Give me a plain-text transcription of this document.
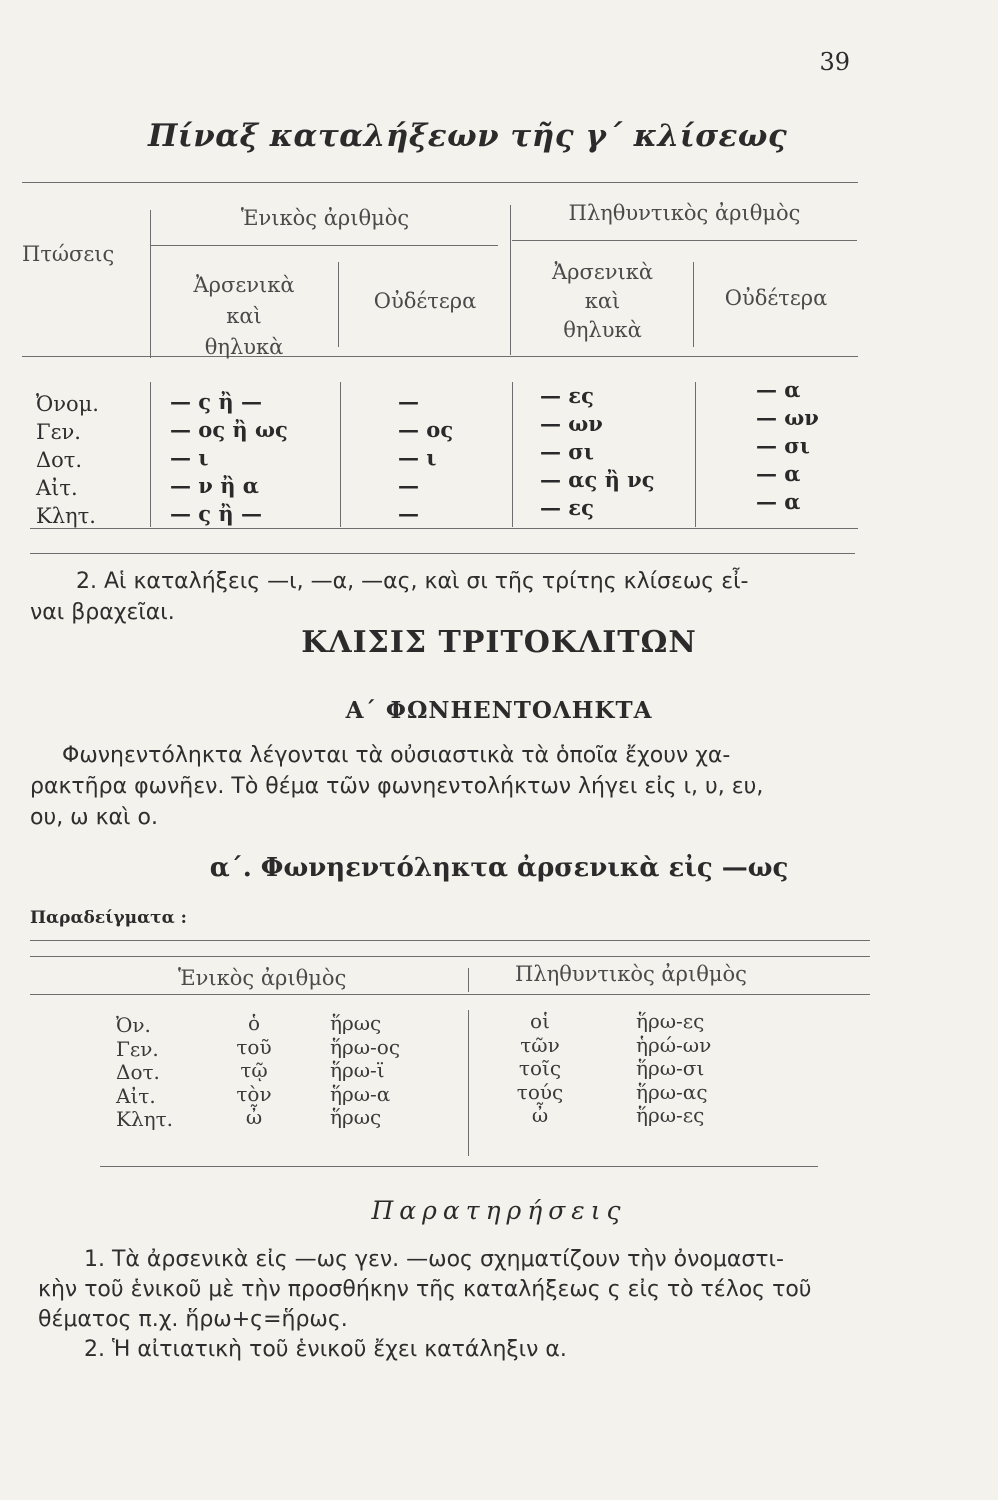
39
Πίναξ καταλήξεων τῆς γ΄ κλίσεως
Πτώσεις
Ἑνικὸς ἀριθμὸς	Πληθυντικὸς ἀριθμὸς
Ἀρσενικὰ
καὶ
θηλυκὰ
Οὐδέτερα
Ἀρσενικὰ
καὶ
θηλυκὰ
Οὐδέτερα
Ὀνομ.
Γεν.
Δοτ.
Αἰτ.
Κλητ.
— ς ἢ —
— ος ἢ ως
— ι
— ν ἢ α
— ς ἢ —
—
— ος
— ι
—
—
— ες
— ων
— σι
— ας ἢ νς
— ες
— α
— ων
— σι
— α
— α
2. Αἱ καταλήξεις —ι, —α, —ας, καὶ σι τῆς τρίτης κλίσεως εἶ-
ναι βραχεῖαι.
ΚΛΙΣΙΣ ΤΡΙΤΟΚΛΙΤΩΝ
Α΄ ΦΩΝΗΕΝΤΟΛΗΚΤΑ
Φωνηεντόληκτα λέγονται τὰ οὐσιαστικὰ τὰ ὁποῖα ἔχουν χα-
ρακτῆρα φωνῆεν. Τὸ θέμα τῶν φωνηεντολήκτων λήγει εἰς ι, υ, ευ,
ου, ω καὶ ο.
α΄. Φωνηεντόληκτα ἀρσενικὰ εἰς —ως
Παραδείγματα :
Ἑνικὸς ἀριθμὸς	Πληθυντικὸς ἀριθμὸς
Ὀν.
Γεν.
Δοτ.
Αἰτ.
Κλητ.
ὁ
τοῦ
τῷ
τὸν
ὦ
ἥρως
ἥρω-ος
ἥρω-ϊ
ἥρω-α
ἥρως
οἱ
τῶν
τοῖς
τούς
ὦ
ἥρω-ες
ἡρώ-ων
ἥρω-σι
ἥρω-ας
ἥρω-ες
Παρατηρήσεις
1. Τὰ ἀρσενικὰ εἰς —ως γεν. —ωος σχηματίζουν τὴν ὀνομαστι-
κὴν τοῦ ἑνικοῦ μὲ τὴν προσθήκην τῆς καταλήξεως ς εἰς τὸ τέλος τοῦ
θέματος π.χ. ἥρω+ς=ἥρως.
2. Ἡ αἰτιατικὴ τοῦ ἑνικοῦ ἔχει κατάληξιν α.
